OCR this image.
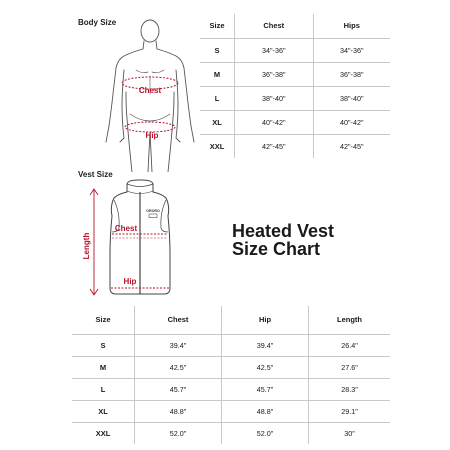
Body Size
Chest
Hip
Size	Chest	Hips
S	34"-36"	34"-36"
M	36"-38"	36"-38"
L	38"-40"	38"-40"
XL	40"-42"	40"-42"
XXL	42"-45"	42"-45"
Vest Size
Length
ORORO
Chest
Hip
Heated Vest
Size Chart
Size	Chest	Hip	Length
S	39.4"	39.4"	26.4"
M	42.5"	42.5"	27.6"
L	45.7"	45.7"	28.3"
XL	48.8"	48.8"	29.1"
XXL	52.0"	52.0"	30"
